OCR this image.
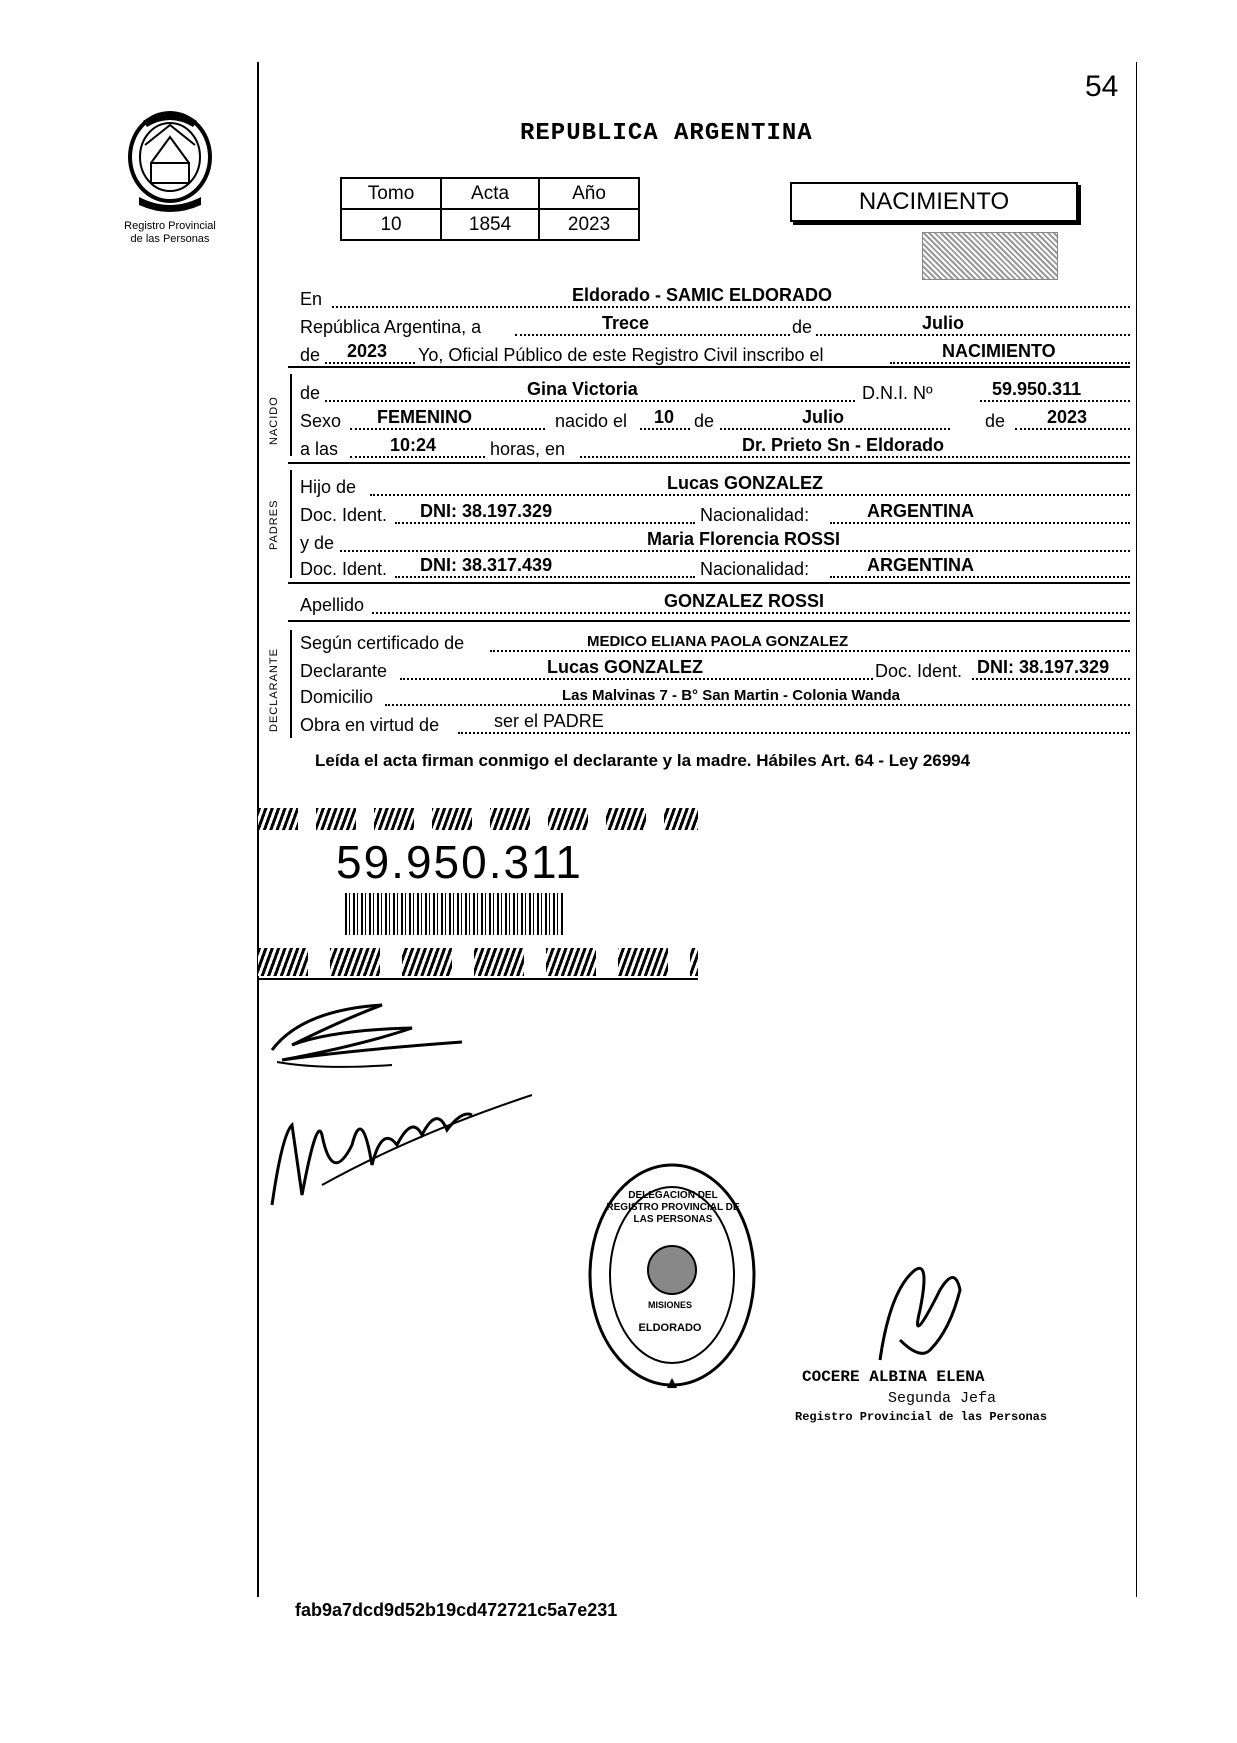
54
Registro Provincial
de las Personas
REPUBLICA ARGENTINA
Tomo	Acta	Año
10	1854	2023
NACIMIENTO
En	Eldorado - SAMIC ELDORADO
República Argentina, a	Trece	de	Julio
de 2023 Yo, Oficial Público de este Registro Civil inscribo el	NACIMIENTO
NACIDO
de	Gina Victoria	D.N.I. Nº	59.950.311
Sexo FEMENINO	nacido el 10 de	Julio	de 2023
a las	10:24	horas, en	Dr. Prieto Sn - Eldorado
PADRES
Hijo de	Lucas GONZALEZ
Doc. Ident. DNI: 38.197.329	Nacionalidad:	ARGENTINA
y de	Maria Florencia ROSSI
Doc. Ident. DNI: 38.317.439	Nacionalidad:	ARGENTINA
Apellido	GONZALEZ ROSSI
DECLARANTE
Según certificado de	MEDICO ELIANA PAOLA GONZALEZ
Declarante	Lucas GONZALEZ	Doc. Ident. DNI: 38.197.329
Domicilio	Las Malvinas 7 - B° San Martin - Colonia Wanda
Obra en virtud de	ser el PADRE
Leída el acta firman conmigo el declarante y la madre. Hábiles Art. 64 - Ley 26994
59.950.311
DELEGACION DEL REGISTRO PROVINCIAL DE LAS PERSONAS
MISIONES
ELDORADO
COCERE ALBINA ELENA
Segunda Jefa
Registro Provincial de las Personas
fab9a7dcd9d52b19cd472721c5a7e231
